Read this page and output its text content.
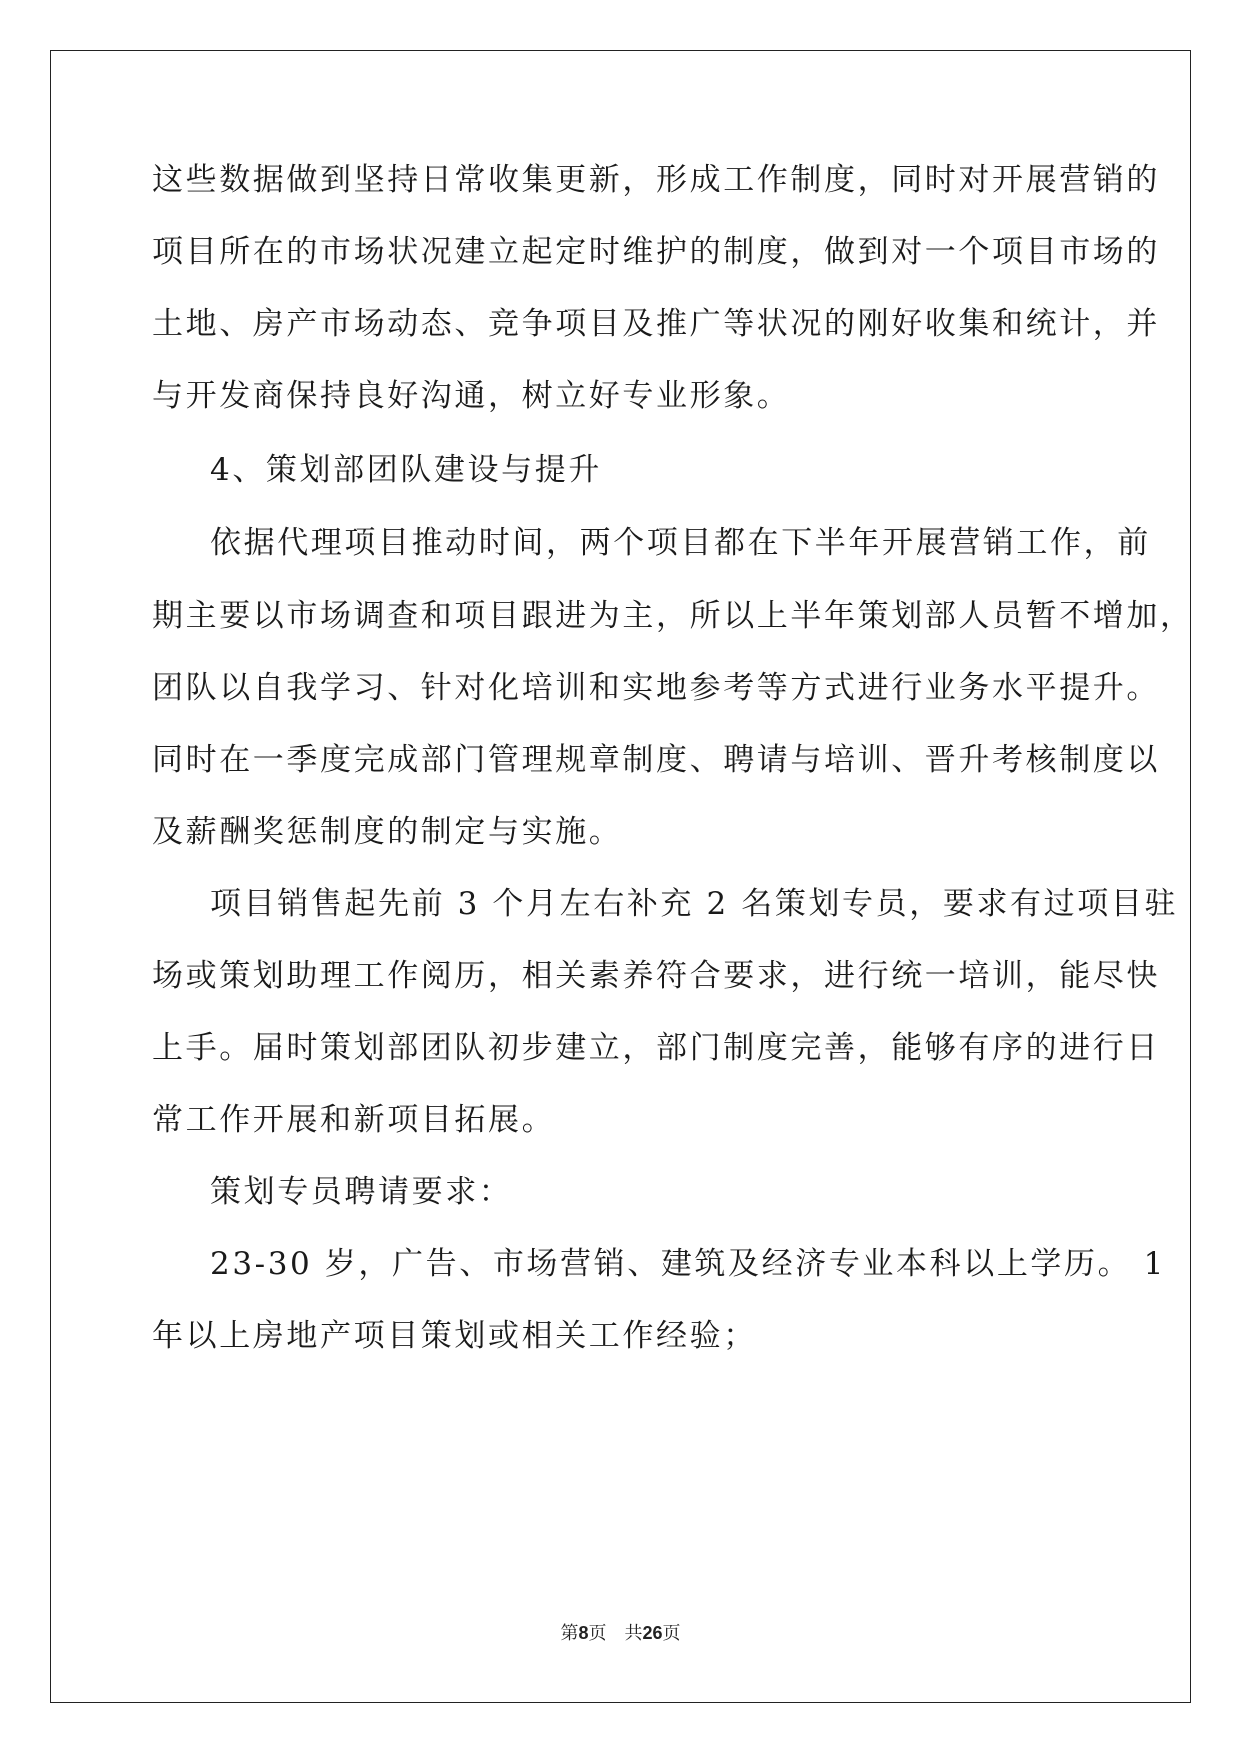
这些数据做到坚持日常收集更新，形成工作制度，同时对开展营销的
项目所在的市场状况建立起定时维护的制度，做到对一个项目市场的
土地、房产市场动态、竞争项目及推广等状况的刚好收集和统计，并
与开发商保持良好沟通，树立好专业形象。
4、策划部团队建设与提升
依据代理项目推动时间，两个项目都在下半年开展营销工作，前
期主要以市场调查和项目跟进为主，所以上半年策划部人员暂不增加，
团队以自我学习、针对化培训和实地参考等方式进行业务水平提升。
同时在一季度完成部门管理规章制度、聘请与培训、晋升考核制度以
及薪酬奖惩制度的制定与实施。
项目销售起先前 3 个月左右补充 2 名策划专员，要求有过项目驻
场或策划助理工作阅历，相关素养符合要求，进行统一培训，能尽快
上手。届时策划部团队初步建立，部门制度完善，能够有序的进行日
常工作开展和新项目拓展。
策划专员聘请要求：
23-30 岁，广告、市场营销、建筑及经济专业本科以上学历。 1
年以上房地产项目策划或相关工作经验；
第8页　共26页
